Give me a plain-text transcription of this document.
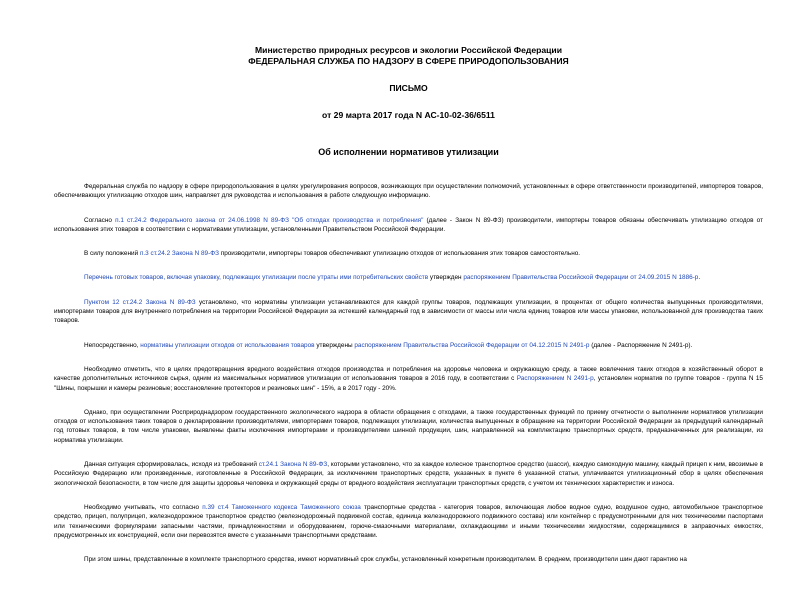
Министерство природных ресурсов и экологии Российской Федерации
ФЕДЕРАЛЬНАЯ СЛУЖБА ПО НАДЗОРУ В СФЕРЕ ПРИРОДОПОЛЬЗОВАНИЯ
ПИСЬМО
от 29 марта 2017 года N АС-10-02-36/6511
Об исполнении нормативов утилизации

Федеральная служба по надзору в сфере природопользования в целях урегулирования вопросов, возникающих при осуществлении полномочий, установленных в сфере ответственности производителей, импортеров товаров, обеспечивающих утилизацию отходов шин, направляет для руководства и использования в работе следующую информацию.

Согласно п.1 ст.24.2 Федерального закона от 24.06.1998 N 89-ФЗ "Об отходах производства и потребления" (далее - Закон N 89-ФЗ) производители, импортеры товаров обязаны обеспечивать утилизацию отходов от использования этих товаров в соответствии с нормативами утилизации, установленными Правительством Российской Федерации.

В силу положений п.3 ст.24.2 Закона N 89-ФЗ производители, импортеры товаров обеспечивают утилизацию отходов от использования этих товаров самостоятельно.

Перечень готовых товаров, включая упаковку, подлежащих утилизации после утраты ими потребительских свойств утвержден распоряжением Правительства Российской Федерации от 24.09.2015 N 1886-р.

Пунктом 12 ст.24.2 Закона N 89-ФЗ установлено, что нормативы утилизации устанавливаются для каждой группы товаров, подлежащих утилизации, в процентах от общего количества выпущенных производителями, импортерами товаров для внутреннего потребления на территории Российской Федерации за истекший календарный год в зависимости от массы или числа единиц товаров или массы упаковки, использованной для производства таких товаров.

Непосредственно, нормативы утилизации отходов от использования товаров утверждены распоряжением Правительства Российской Федерации от 04.12.2015 N 2491-р (далее - Распоряжение N 2491-р).

Необходимо отметить, что в целях предотвращения вредного воздействия отходов производства и потребления на здоровье человека и окружающую среду, а также вовлечения таких отходов в хозяйственный оборот в качестве дополнительных источников сырья, одним из максимальных нормативов утилизации от использования товаров в 2016 году, в соответствии с Распоряжением N 2491-р, установлен норматив по группе товаров - группа N 15 "Шины, покрышки и камеры резиновые; восстановление протекторов и резиновых шин" - 15%, а в 2017 году - 20%.

Однако, при осуществлении Росприроднадзором государственного экологического надзора в области обращения с отходами, а также государственных функций по приему отчетности о выполнении нормативов утилизации отходов от использования таких товаров о декларировании производителями, импортерами товаров, подлежащих утилизации, количества выпущенных в обращение на территории Российской Федерации за предыдущий календарный год готовых товаров, в том числе упаковки, выявлены факты исключения импортерами и производителями шинной продукции, шин, направленной на комплектацию транспортных средств, предназначенных для реализации, из норматива утилизации.

Данная ситуация сформировалась, исходя из требований ст.24.1 Закона N 89-ФЗ, которыми установлено, что за каждое колесное транспортное средство (шасси), каждую самоходную машину, каждый прицеп к ним, ввозимые в Российскую Федерацию или произведенные, изготовленные в Российской Федерации, за исключением транспортных средств, указанных в пункте 6 указанной статьи, уплачивается утилизационный сбор в целях обеспечения экологической безопасности, в том числе для защиты здоровья человека и окружающей среды от вредного воздействия эксплуатации транспортных средств, с учетом их технических характеристик и износа.

Необходимо учитывать, что согласно п.39 ст.4 Таможенного кодекса Таможенного союза транспортные средства - категория товаров, включающая любое водное судно, воздушное судно, автомобильное транспортное средство, прицеп, полуприцеп, железнодорожное транспортное средство (железнодорожный подвижной состав, единица железнодорожного подвижного состава) или контейнер с предусмотренными для них техническими паспортами или техническими формулярами запасными частями, принадлежностями и оборудованием, горюче-смазочными материалами, охлаждающими и иными техническими жидкостями, содержащимися в заправочных емкостях, предусмотренных их конструкцией, если они перевозятся вместе с указанными транспортными средствами.

При этом шины, представленные в комплекте транспортного средства, имеют нормативный срок службы, установленный конкретным производителем. В среднем, производители шин дают гарантию на
